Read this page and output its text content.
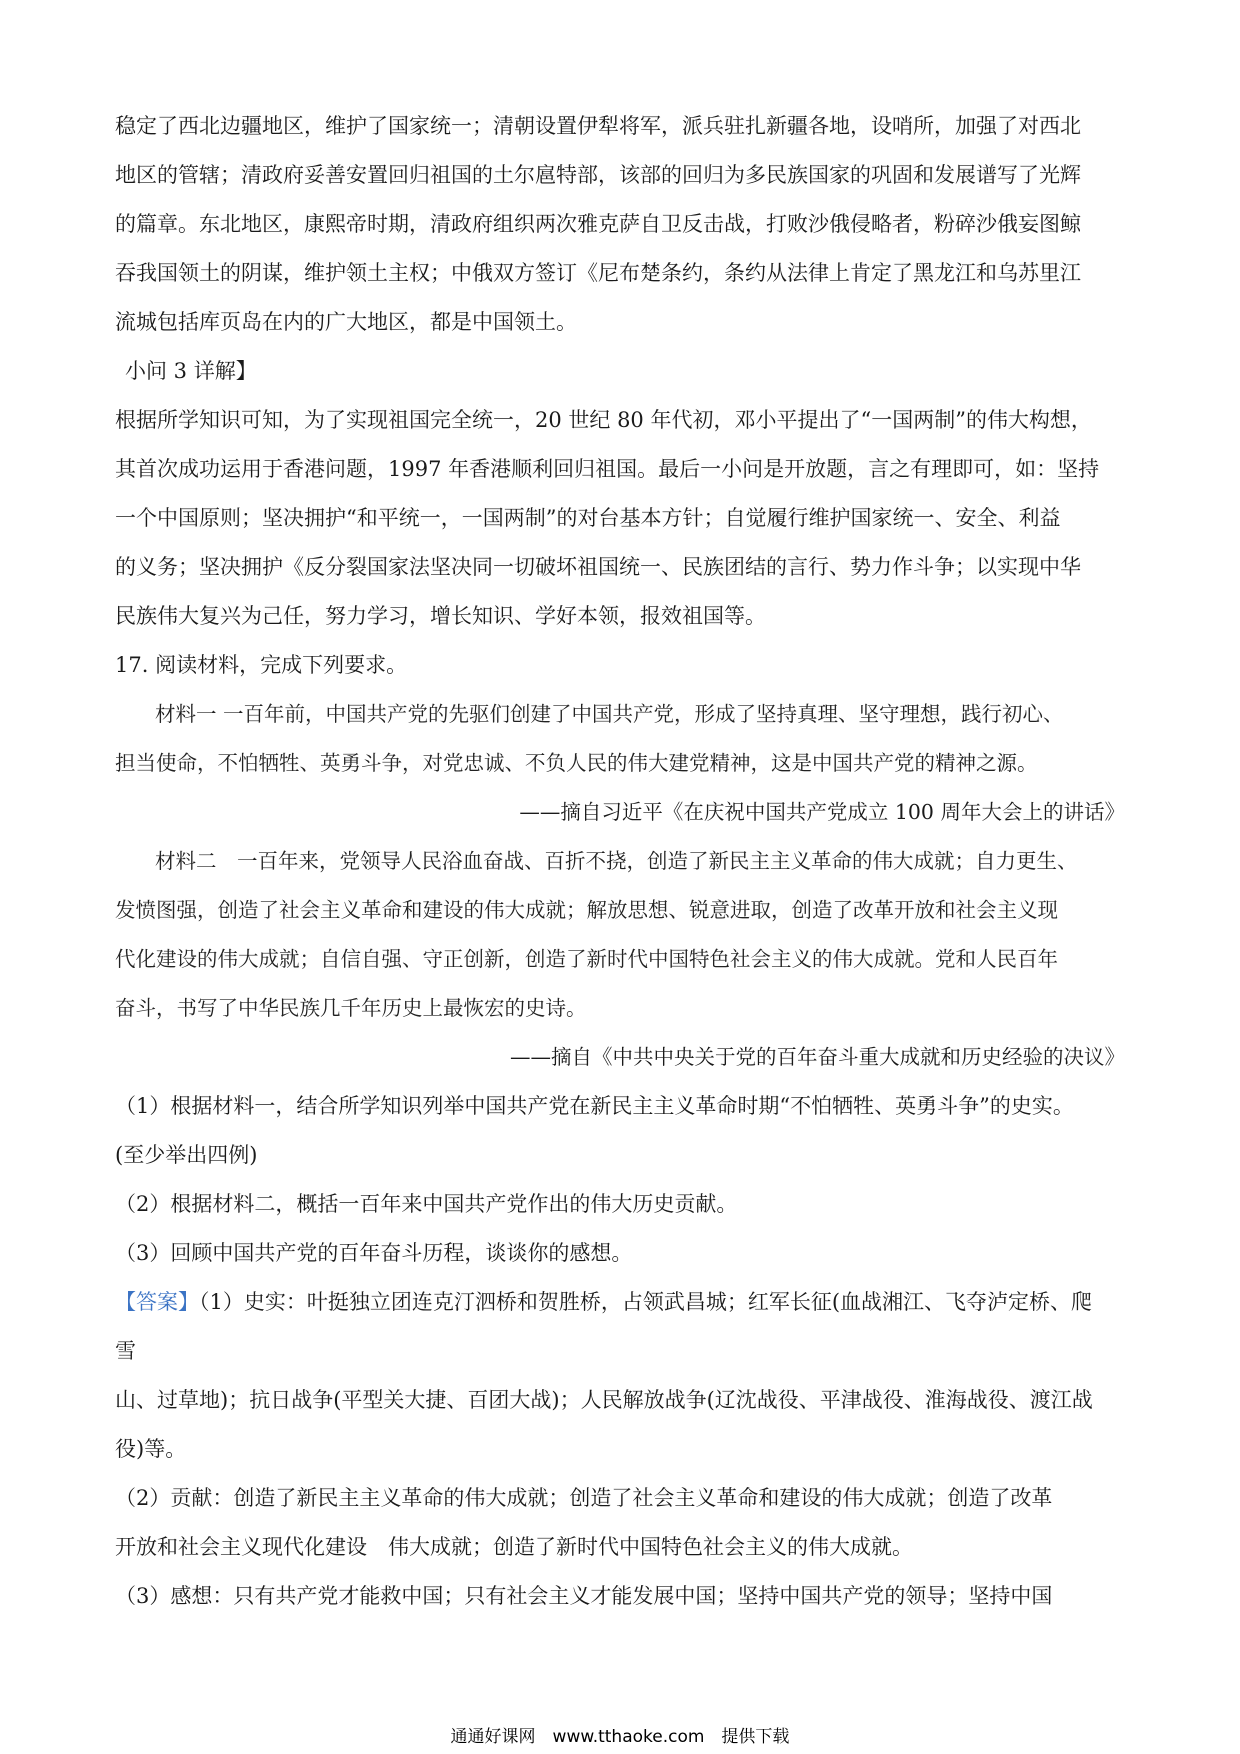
稳定了西北边疆地区，维护了国家统一；清朝设置伊犁将军，派兵驻扎新疆各地，设哨所，加强了对西北
地区的管辖；清政府妥善安置回归祖国的土尔扈特部，该部的回归为多民族国家的巩固和发展谱写了光辉
的篇章。东北地区，康熙帝时期，清政府组织两次雅克萨自卫反击战，打败沙俄侵略者，粉碎沙俄妄图鲸
吞我国领土的阴谋，维护领土主权；中俄双方签订《尼布楚条约，条约从法律上肯定了黑龙江和乌苏里江
流城包括库页岛在内的广大地区，都是中国领土。
小问 3 详解】
根据所学知识可知，为了实现祖国完全统一，20 世纪 80 年代初，邓小平提出了“一国两制”的伟大构想，
其首次成功运用于香港问题，1997 年香港顺利回归祖国。最后一小问是开放题，言之有理即可，如：坚持
一个中国原则；坚决拥护“和平统一，一国两制”的对台基本方针；自觉履行维护国家统一、安全、利益
的义务；坚决拥护《反分裂国家法坚决同一切破坏祖国统一、民族团结的言行、势力作斗争；以实现中华
民族伟大复兴为己任，努力学习，增长知识、学好本领，报效祖国等。
17. 阅读材料，完成下列要求。
材料一 一百年前，中国共产党的先驱们创建了中国共产党，形成了坚持真理、坚守理想，践行初心、
担当使命，不怕牺牲、英勇斗争，对党忠诚、不负人民的伟大建党精神，这是中国共产党的精神之源。
——摘自习近平《在庆祝中国共产党成立 100 周年大会上的讲话》
材料二　一百年来，党领导人民浴血奋战、百折不挠，创造了新民主主义革命的伟大成就；自力更生、
发愤图强，创造了社会主义革命和建设的伟大成就；解放思想、锐意进取，创造了改革开放和社会主义现
代化建设的伟大成就；自信自强、守正创新，创造了新时代中国特色社会主义的伟大成就。党和人民百年
奋斗，书写了中华民族几千年历史上最恢宏的史诗。
——摘自《中共中央关于党的百年奋斗重大成就和历史经验的决议》
（1）根据材料一，结合所学知识列举中国共产党在新民主主义革命时期“不怕牺牲、英勇斗争”的史实。
(至少举出四例)
（2）根据材料二，概括一百年来中国共产党作出的伟大历史贡献。
（3）回顾中国共产党的百年奋斗历程，谈谈你的感想。
【答案】（1）史实：叶挺独立团连克汀泗桥和贺胜桥，占领武昌城；红军长征(血战湘江、飞夺泸定桥、爬
雪
山、过草地)；抗日战争(平型关大捷、百团大战)；人民解放战争(辽沈战役、平津战役、淮海战役、渡江战
役)等。
（2）贡献：创造了新民主主义革命的伟大成就；创造了社会主义革命和建设的伟大成就；创造了改革
开放和社会主义现代化建设　伟大成就；创造了新时代中国特色社会主义的伟大成就。
（3）感想：只有共产党才能救中国；只有社会主义才能发展中国；坚持中国共产党的领导；坚持中国
通通好课网　www.tthaoke.com　提供下载
